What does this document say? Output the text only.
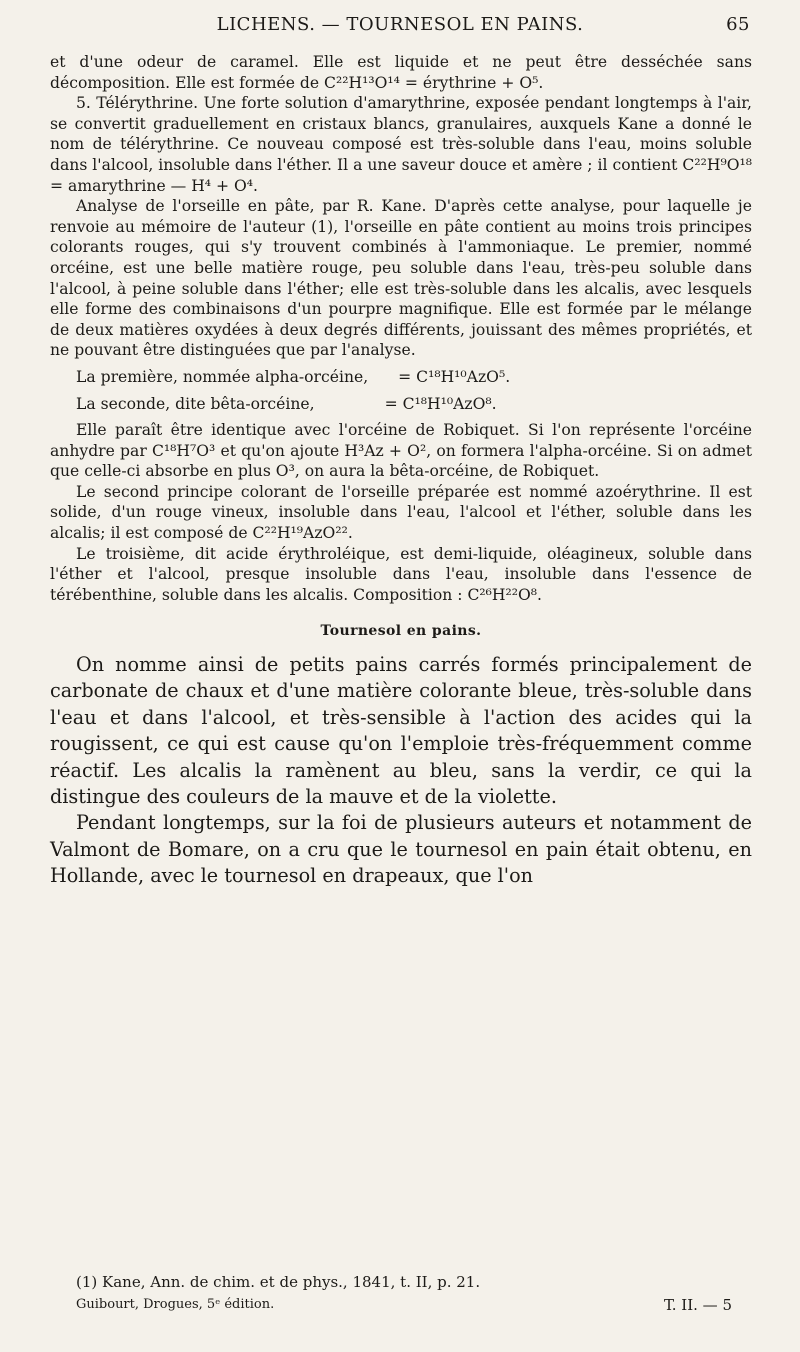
LICHENS. — TOURNESOL EN PAINS.	65

et d'une odeur de caramel. Elle est liquide et ne peut être desséchée sans décomposition. Elle est formée de C²²H¹³O¹⁴ = érythrine + O⁵.

5. Télérythrine. Une forte solution d'amarythrine, exposée pendant longtemps à l'air, se convertit graduellement en cristaux blancs, granulaires, auxquels Kane a donné le nom de télérythrine. Ce nouveau composé est très-soluble dans l'eau, moins soluble dans l'alcool, insoluble dans l'éther. Il a une saveur douce et amère ; il contient C²²H⁹O¹⁸ = amarythrine — H⁴ + O⁴.

Analyse de l'orseille en pâte, par R. Kane. D'après cette analyse, pour laquelle je renvoie au mémoire de l'auteur (1), l'orseille en pâte contient au moins trois principes colorants rouges, qui s'y trouvent combinés à l'ammoniaque. Le premier, nommé orcéine, est une belle matière rouge, peu soluble dans l'eau, très-peu soluble dans l'alcool, à peine soluble dans l'éther; elle est très-soluble dans les alcalis, avec lesquels elle forme des combinaisons d'un pourpre magnifique. Elle est formée par le mélange de deux matières oxydées à deux degrés différents, jouissant des mêmes propriétés, et ne pouvant être distinguées que par l'analyse.

La première, nommée alpha-orcéine, = C¹⁸H¹⁰AzO⁵.
La seconde, dite bêta-orcéine,	= C¹⁸H¹⁰AzO⁸.

Elle paraît être identique avec l'orcéine de Robiquet. Si l'on représente l'orcéine anhydre par C¹⁸H⁷O³ et qu'on ajoute H³Az + O², on formera l'alpha-orcéine. Si on admet que celle-ci absorbe en plus O³, on aura la bêta-orcéine, de Robiquet.

Le second principe colorant de l'orseille préparée est nommé azoérythrine. Il est solide, d'un rouge vineux, insoluble dans l'eau, l'alcool et l'éther, soluble dans les alcalis; il est composé de C²²H¹⁹AzO²².

Le troisième, dit acide érythroléique, est demi-liquide, oléagineux, soluble dans l'éther et l'alcool, presque insoluble dans l'eau, insoluble dans l'essence de térébenthine, soluble dans les alcalis. Composition : C²⁶H²²O⁸.

Tournesol en pains.

On nomme ainsi de petits pains carrés formés principalement de carbonate de chaux et d'une matière colorante bleue, très-soluble dans l'eau et dans l'alcool, et très-sensible à l'action des acides qui la rougissent, ce qui est cause qu'on l'emploie très-fréquemment comme réactif. Les alcalis la ramènent au bleu, sans la verdir, ce qui la distingue des couleurs de la mauve et de la violette.

Pendant longtemps, sur la foi de plusieurs auteurs et notamment de Valmont de Bomare, on a cru que le tournesol en pain était obtenu, en Hollande, avec le tournesol en drapeaux, que l'on

(1) Kane, Ann. de chim. et de phys., 1841, t. II, p. 21.
Guibourt, Drogues, 5ᵉ édition.	T. II. — 5
